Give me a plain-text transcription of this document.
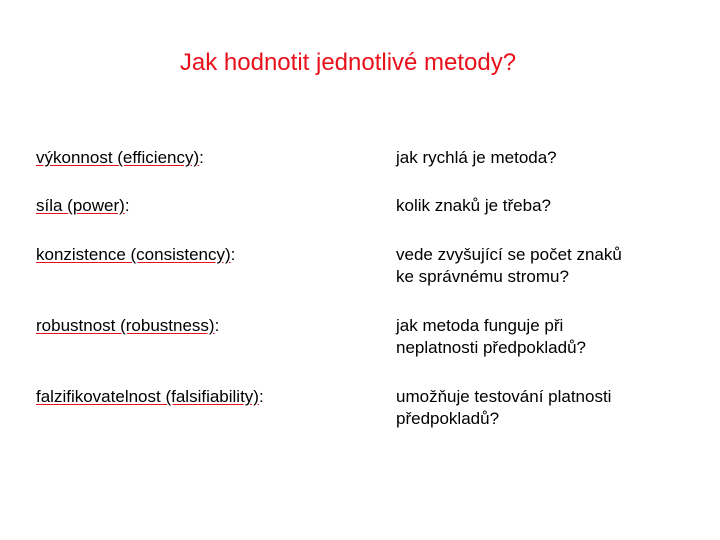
Jak hodnotit jednotlivé metody?
výkonnost (efficiency):	jak rychlá je metoda?
síla (power):	kolik znaků je třeba?
konzistence (consistency):	vede zvyšující se počet znaků
ke správnému stromu?
robustnost (robustness):	jak metoda funguje při
neplatnosti předpokladů?
falzifikovatelnost (falsifiability):	umožňuje testování platnosti
předpokladů?
